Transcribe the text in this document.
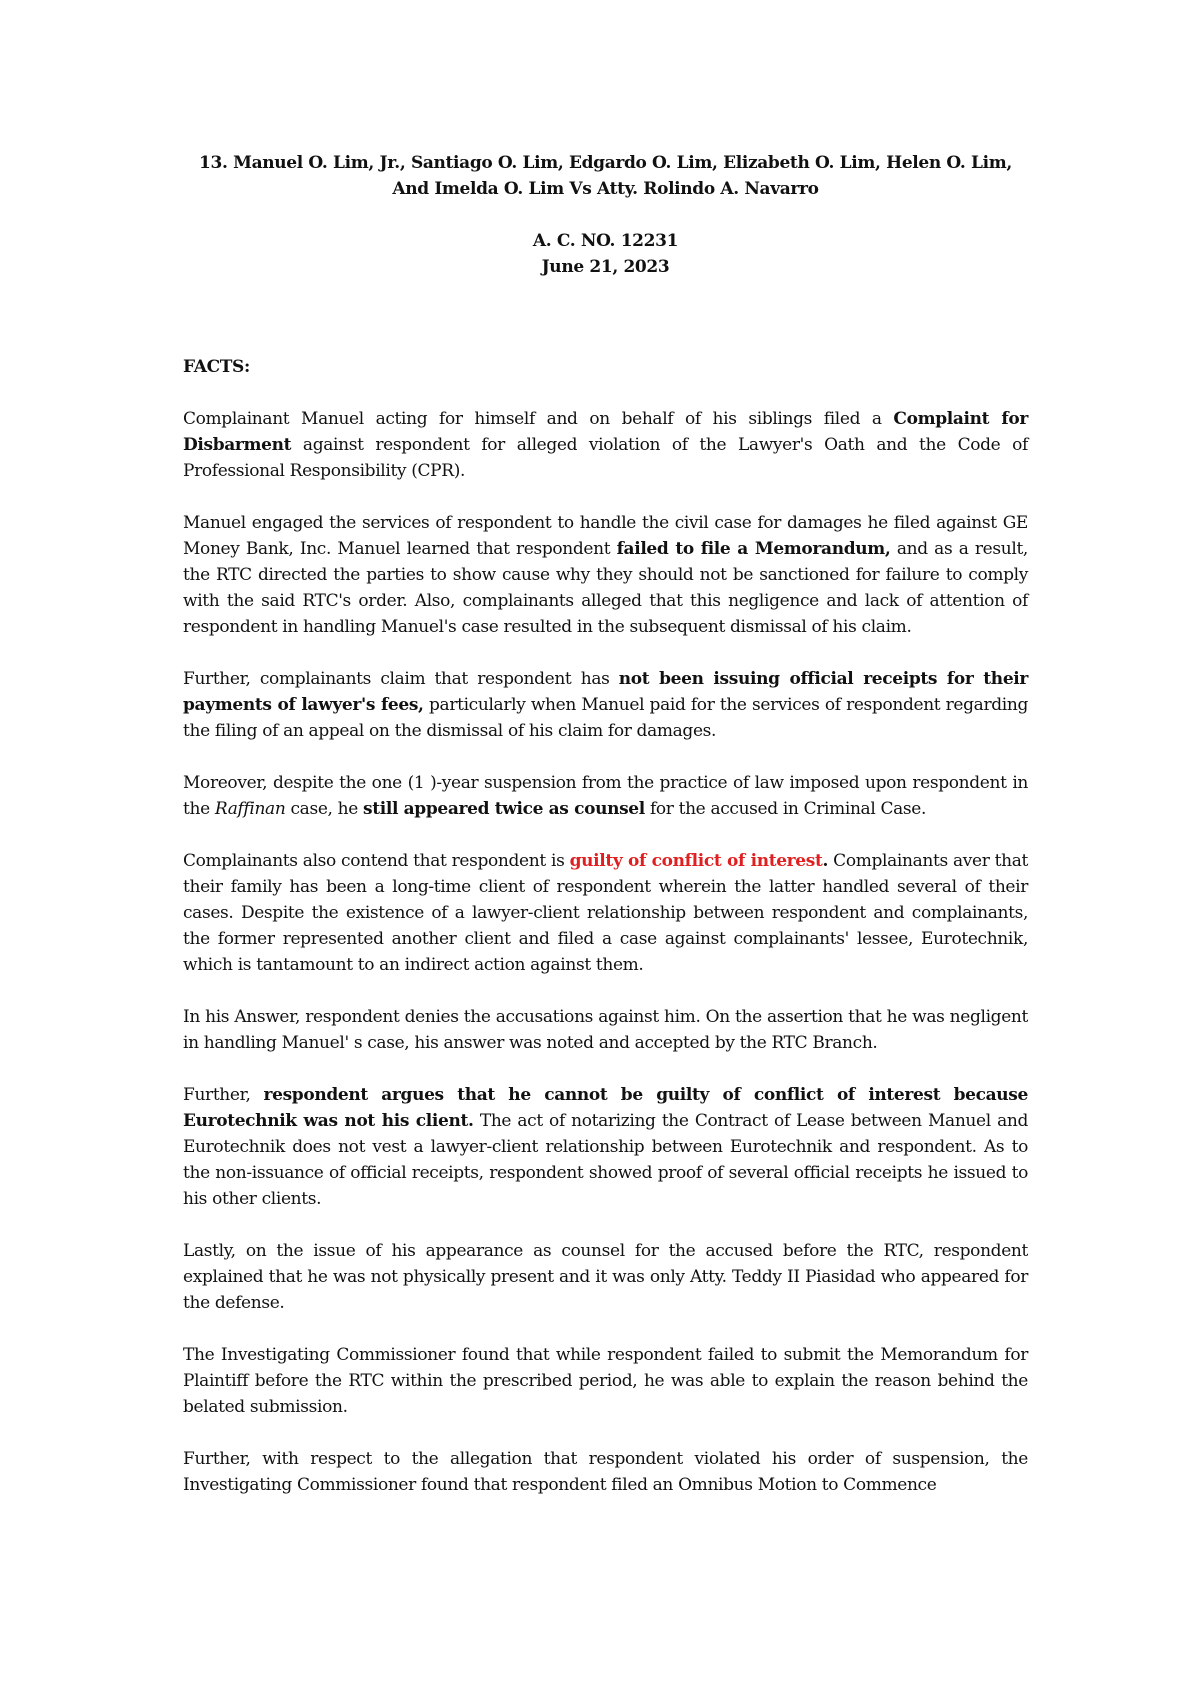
13. Manuel O. Lim, Jr., Santiago O. Lim, Edgardo O. Lim, Elizabeth O. Lim, Helen O. Lim, And Imelda O. Lim Vs Atty. Rolindo A. Navarro
A. C. NO. 12231
June 21, 2023
FACTS:

Complainant Manuel acting for himself and on behalf of his siblings filed a Complaint for Disbarment against respondent for alleged violation of the Lawyer's Oath and the Code of Professional Responsibility (CPR).

Manuel engaged the services of respondent to handle the civil case for damages he filed against GE Money Bank, Inc. Manuel learned that respondent failed to file a Memorandum, and as a result, the RTC directed the parties to show cause why they should not be sanctioned for failure to comply with the said RTC's order. Also, complainants alleged that this negligence and lack of attention of respondent in handling Manuel's case resulted in the subsequent dismissal of his claim.

Further, complainants claim that respondent has not been issuing official receipts for their payments of lawyer's fees, particularly when Manuel paid for the services of respondent regarding the filing of an appeal on the dismissal of his claim for damages.

Moreover, despite the one (1 )-year suspension from the practice of law imposed upon respondent in the Raffinan case, he still appeared twice as counsel for the accused in Criminal Case.

Complainants also contend that respondent is guilty of conflict of interest. Complainants aver that their family has been a long-time client of respondent wherein the latter handled several of their cases. Despite the existence of a lawyer-client relationship between respondent and complainants, the former represented another client and filed a case against complainants' lessee, Eurotechnik, which is tantamount to an indirect action against them.

In his Answer, respondent denies the accusations against him. On the assertion that he was negligent in handling Manuel' s case, his answer was noted and accepted by the RTC Branch.

Further, respondent argues that he cannot be guilty of conflict of interest because Eurotechnik was not his client. The act of notarizing the Contract of Lease between Manuel and Eurotechnik does not vest a lawyer-client relationship between Eurotechnik and respondent. As to the non-issuance of official receipts, respondent showed proof of several official receipts he issued to his other clients.

Lastly, on the issue of his appearance as counsel for the accused before the RTC, respondent explained that he was not physically present and it was only Atty. Teddy II Piasidad who appeared for the defense.

The Investigating Commissioner found that while respondent failed to submit the Memorandum for Plaintiff before the RTC within the prescribed period, he was able to explain the reason behind the belated submission.

Further, with respect to the allegation that respondent violated his order of suspension, the Investigating Commissioner found that respondent filed an Omnibus Motion to Commence
